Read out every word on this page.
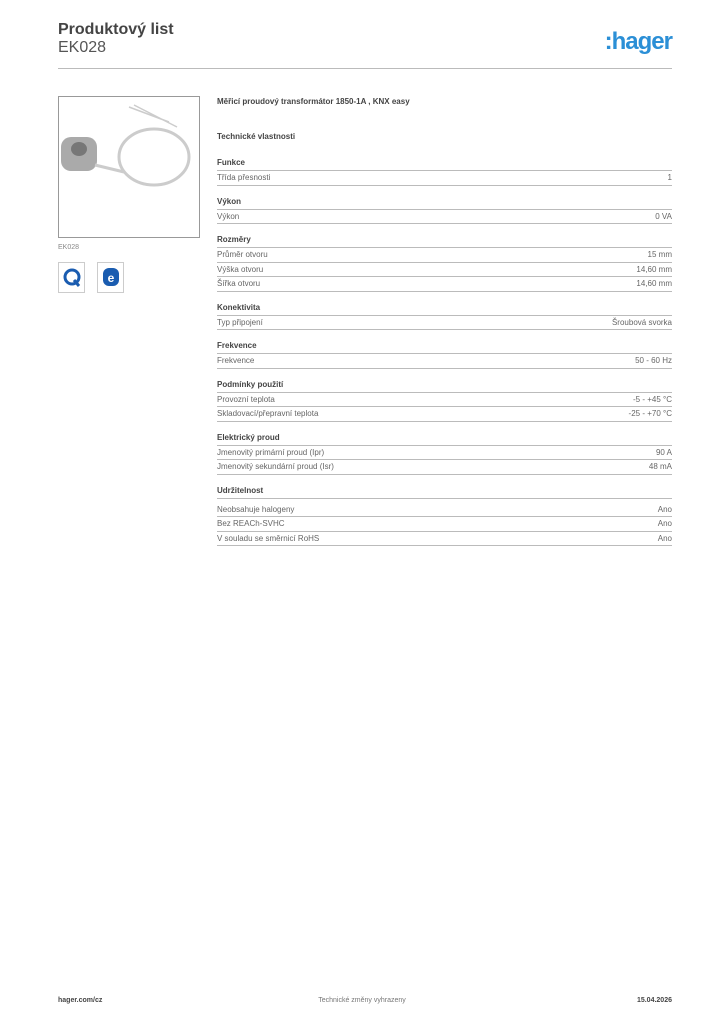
Produktový list
EK028	:hager
EK028
e
Měřicí proudový transformátor 1850-1A , KNX easy
Technické vlastnosti
Funkce
Třída přesnosti	1
Výkon
Výkon	0 VA
Rozměry
Průměr otvoru	15 mm
Výška otvoru	14,60 mm
Šířka otvoru	14,60 mm
Konektivita
Typ připojení	Šroubová svorka
Frekvence
Frekvence	50 - 60 Hz
Podmínky použití
Provozní teplota	-5 - +45 °C
Skladovací/přepravní teplota	-25 - +70 °C
Elektrický proud
Jmenovitý primární proud (Ipr)	90 A
Jmenovitý sekundární proud (Isr)	48 mA
Udržitelnost
Neobsahuje halogeny	Ano
Bez REACh-SVHC	Ano
V souladu se směrnicí RoHS	Ano
hager.com/cz	Technické změny vyhrazeny	15.04.2026
